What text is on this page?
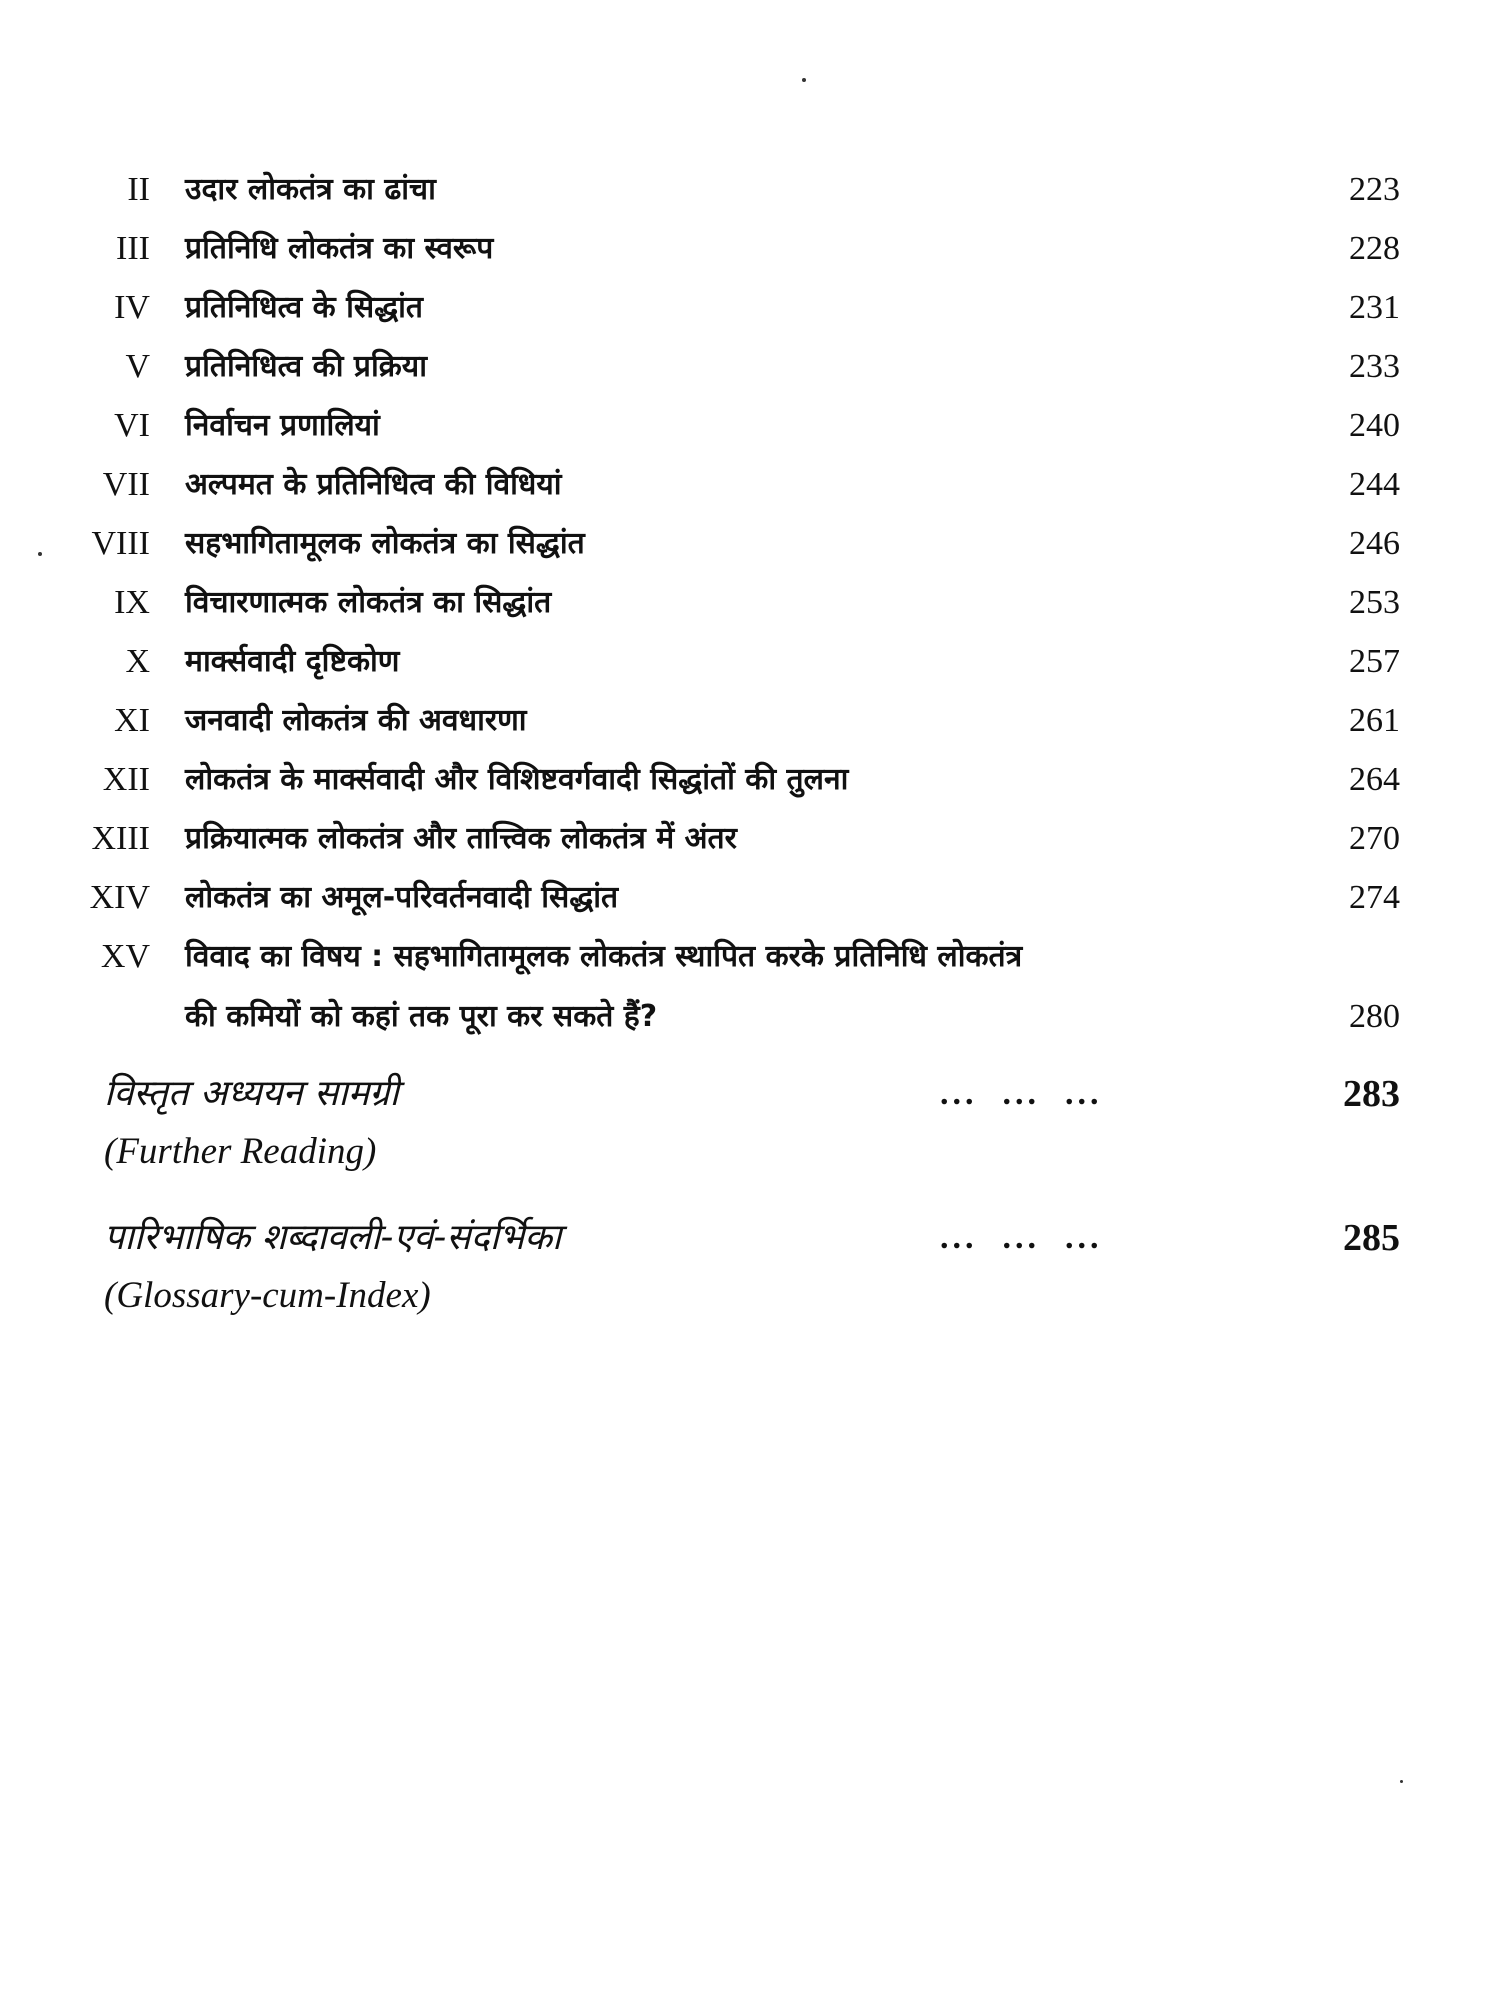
II उदार लोकतंत्र का ढांचा	223
III प्रतिनिधि लोकतंत्र का स्वरूप	228
IV प्रतिनिधित्व के सिद्धांत	231
V प्रतिनिधित्व की प्रक्रिया	233
VI निर्वाचन प्रणालियां	240
VII अल्पमत के प्रतिनिधित्व की विधियां	244
VIII सहभागितामूलक लोकतंत्र का सिद्धांत	246
IX विचारणात्मक लोकतंत्र का सिद्धांत	253
X मार्क्सवादी दृष्टिकोण	257
XI जनवादी लोकतंत्र की अवधारणा	261
XII लोकतंत्र के मार्क्सवादी और विशिष्टवर्गवादी सिद्धांतों की तुलना	264
XIII प्रक्रियात्मक लोकतंत्र और तात्त्विक लोकतंत्र में अंतर	270
XIV लोकतंत्र का अमूल-परिवर्तनवादी सिद्धांत	274
XV विवाद का विषय : सहभागितामूलक लोकतंत्र स्थापित करके प्रतिनिधि लोकतंत्र
की कमियों को कहां तक पूरा कर सकते हैं?	280
विस्तृत अध्ययन सामग्री	...  ...  ...	283
(Further Reading)
पारिभाषिक शब्दावली-एवं-संदर्भिका	...  ...  ...	285
(Glossary-cum-Index)
